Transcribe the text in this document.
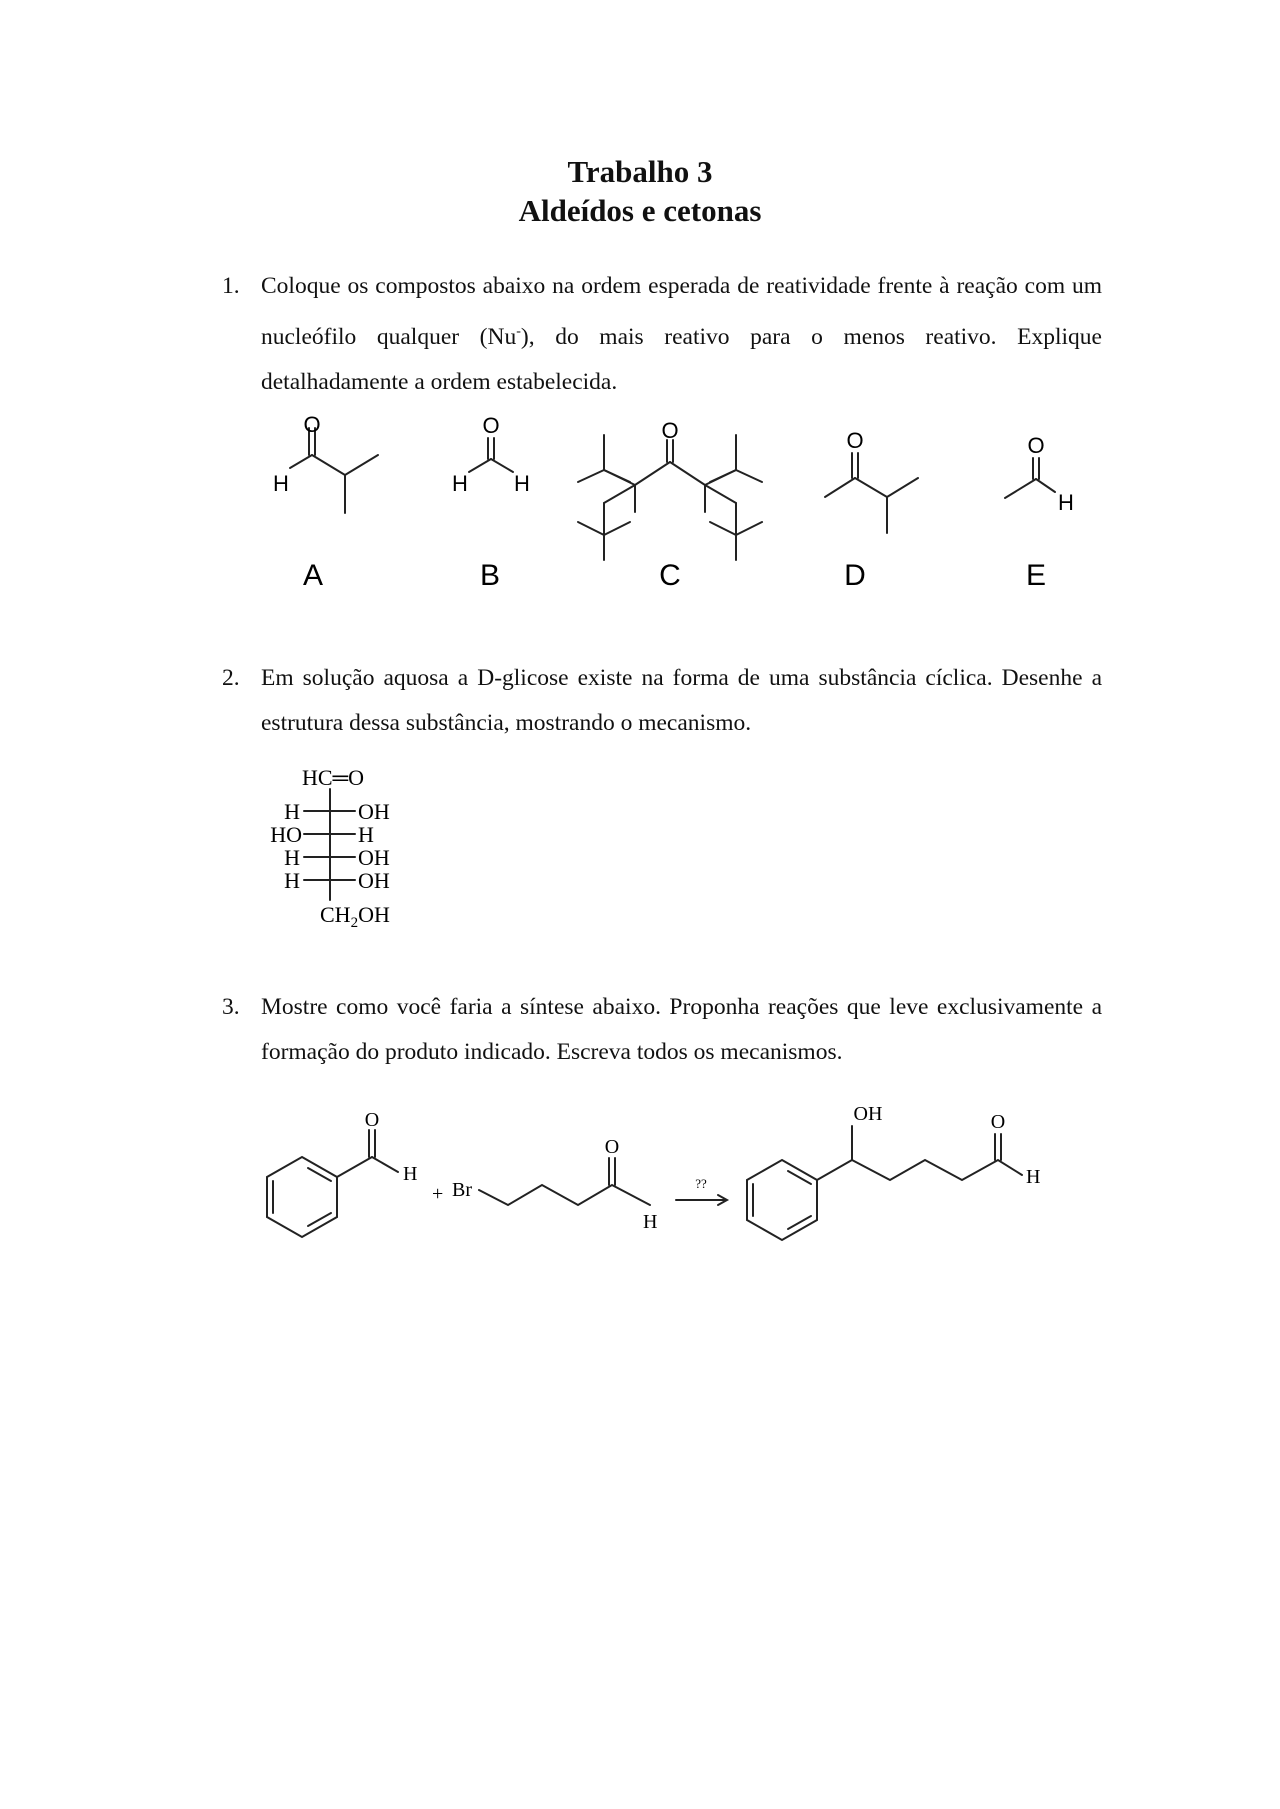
Trabalho 3
Aldeídos e cetonas
1. Coloque os compostos abaixo na ordem esperada de reatividade frente à reação com um nucleófilo qualquer (Nu-), do mais reativo para o menos reativo. Explique detalhadamente a ordem estabelecida.
O
H
A
O
H H
B
O
C
O
D
O
H
E
2. Em solução aquosa a D-glicose existe na forma de uma substância cíclica. Desenhe a estrutura dessa substância, mostrando o mecanismo.
HC═O
H	OH
HO	H
H	OH
H	OH
$CH_2OH$
3. Mostre como você faria a síntese abaixo. Proponha reações que leve exclusivamente a formação do produto indicado. Escreva todos os mecanismos.
O
H
+ Br
O
H
??
OH	O
H
